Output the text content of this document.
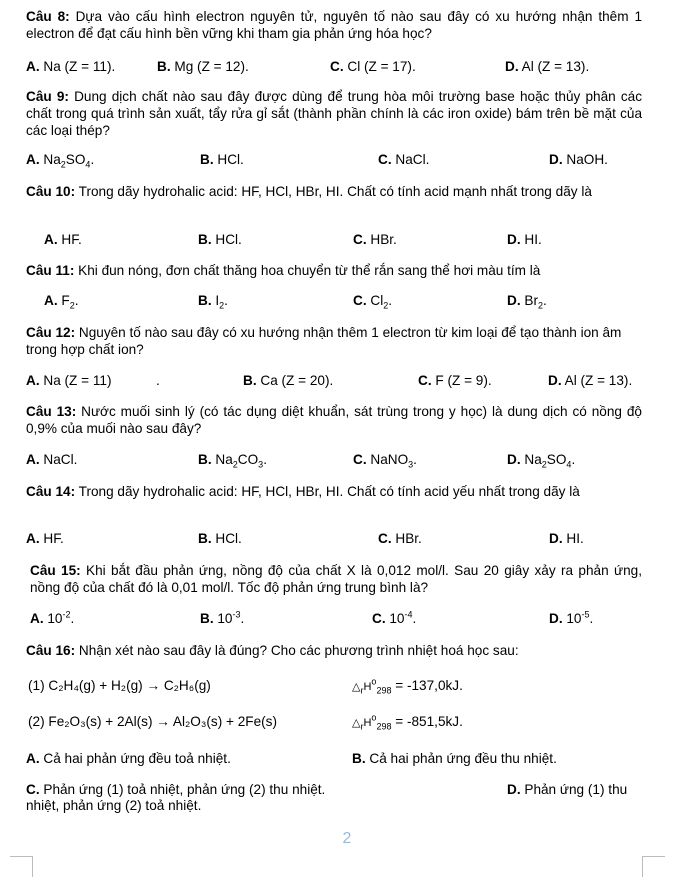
Câu 8: Dựa vào cấu hình electron nguyên tử, nguyên tố nào sau đây có xu hướng nhận thêm 1 electron để đạt cấu hình bền vững khi tham gia phản ứng hóa học?
A. Na (Z = 11).	B. Mg (Z = 12).	C. Cl (Z = 17).	D. Al (Z = 13).
Câu 9: Dung dịch chất nào sau đây được dùng để trung hòa môi trường base hoặc thủy phân các chất trong quá trình sản xuất, tẩy rửa gỉ sắt (thành phần chính là các iron oxide) bám trên bề mặt của các loại thép?
A. $Na_2SO_4$.	B. HCl.	C. NaCl.	D. NaOH.
Câu 10: Trong dãy hydrohalic acid: HF, HCl, HBr, HI. Chất có tính acid mạnh nhất trong dãy là
A. HF.	B. HCl.	C. HBr.	D. HI.
Câu 11: Khi đun nóng, đơn chất thăng hoa chuyển từ thể rắn sang thể hơi màu tím là
A. $F_2$.	B. $I_2$.	C. $Cl_2$.	D. $Br_2$.
Câu 12: Nguyên tố nào sau đây có xu hướng nhận thêm 1 electron từ kim loại để tạo thành ion âm trong hợp chất ion?
A. Na (Z = 11)	.	B. Ca (Z = 20).	C. F (Z = 9).	D. Al (Z = 13).
Câu 13: Nước muối sinh lý (có tác dụng diệt khuẩn, sát trùng trong y học) là dung dịch có nồng độ 0,9% của muối nào sau đây?
A. NaCl.	B. $Na_2CO_3$.	C. NaNO$_3$.	D. $Na_2SO_4$.
Câu 14: Trong dãy hydrohalic acid: HF, HCl, HBr, HI. Chất có tính acid yếu nhất trong dãy là
A. HF.	B. HCl.	C. HBr.	D. HI.
Câu 15: Khi bắt đầu phản ứng, nồng độ của chất X là 0,012 mol/l. Sau 20 giây xảy ra phản ứng, nồng độ của chất đó là 0,01 mol/l. Tốc độ phản ứng trung bình là?
A. $10^{-2}$.	B. $10^{-3}$.	C. $10^{-4}$.	D. $10^{-5}$.
Câu 16: Nhận xét nào sau đây là đúng? Cho các phương trình nhiệt hoá học sau:
(1) C₂H₄(g) + H₂(g) → C₂H₆(g)	$\triangle_rH^o_{298} = -137,0kJ$.
(2) Fe₂O₃(s) + 2Al(s) → Al₂O₃(s) + 2Fe(s)	$\triangle_rH^o_{298} = -851,5kJ$.
A. Cả hai phản ứng đều toả nhiệt.	B. Cả hai phản ứng đều thu nhiệt.
C. Phản ứng (1) toả nhiệt, phản ứng (2) thu nhiệt.	D. Phản ứng (1) thu
nhiệt, phản ứng (2) toả nhiệt.
2
